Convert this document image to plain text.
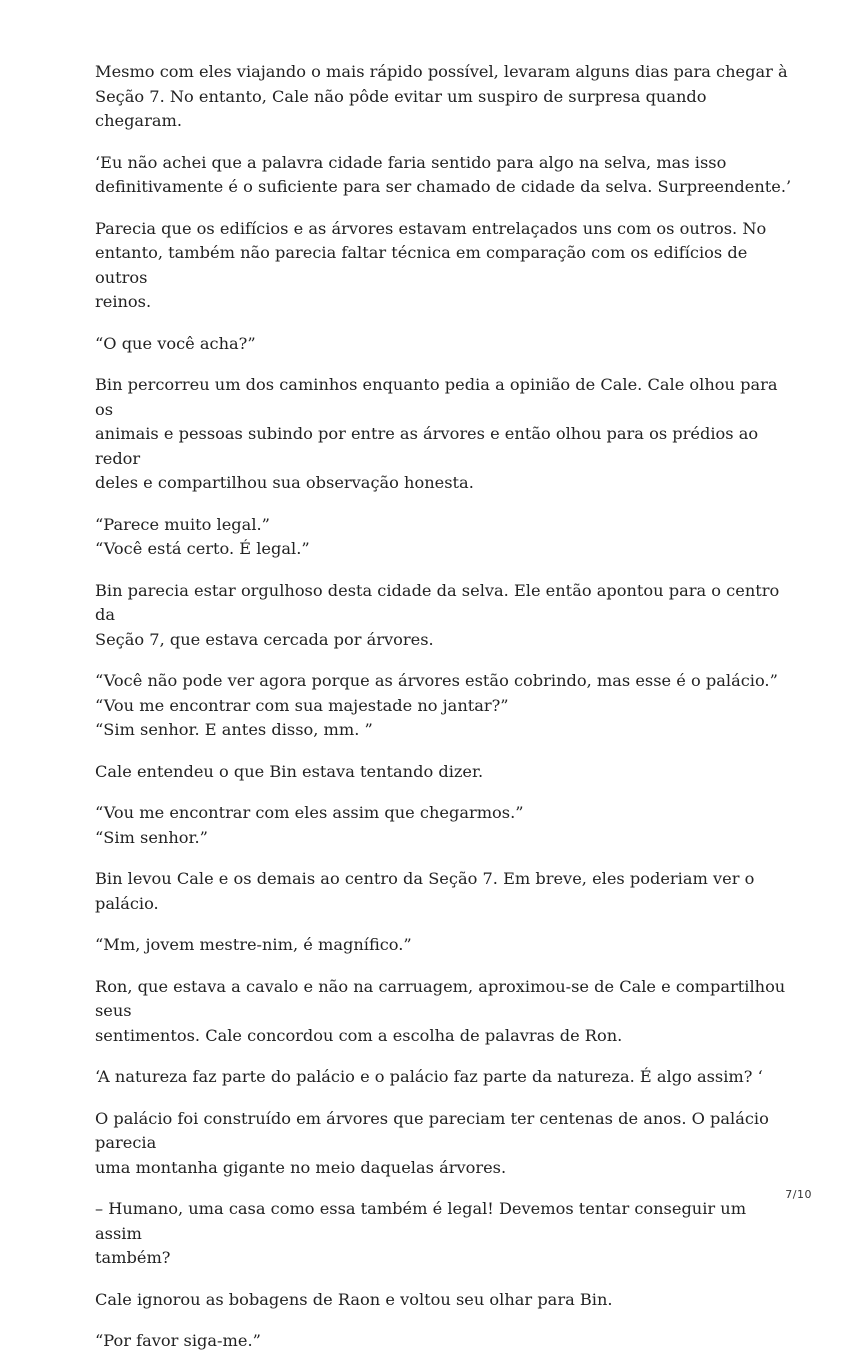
Mesmo com eles viajando o mais rápido possível, levaram alguns dias para chegar à
Seção 7. No entanto, Cale não pôde evitar um suspiro de surpresa quando chegaram.

‘Eu não achei que a palavra cidade faria sentido para algo na selva, mas isso
definitivamente é o suficiente para ser chamado de cidade da selva. Surpreendente.’

Parecia que os edifícios e as árvores estavam entrelaçados uns com os outros. No
entanto, também não parecia faltar técnica em comparação com os edifícios de outros
reinos.

“O que você acha?”

Bin percorreu um dos caminhos enquanto pedia a opinião de Cale. Cale olhou para os
animais e pessoas subindo por entre as árvores e então olhou para os prédios ao redor
deles e compartilhou sua observação honesta.

“Parece muito legal.”
“Você está certo. É legal.”

Bin parecia estar orgulhoso desta cidade da selva. Ele então apontou para o centro da
Seção 7, que estava cercada por árvores.

“Você não pode ver agora porque as árvores estão cobrindo, mas esse é o palácio.”
“Vou me encontrar com sua majestade no jantar?”
“Sim senhor. E antes disso, mm. ”

Cale entendeu o que Bin estava tentando dizer.

“Vou me encontrar com eles assim que chegarmos.”
“Sim senhor.”

Bin levou Cale e os demais ao centro da Seção 7. Em breve, eles poderiam ver o palácio.

“Mm, jovem mestre-nim, é magnífico.”

Ron, que estava a cavalo e não na carruagem, aproximou-se de Cale e compartilhou seus
sentimentos. Cale concordou com a escolha de palavras de Ron.

‘A natureza faz parte do palácio e o palácio faz parte da natureza. É algo assim? ‘

O palácio foi construído em árvores que pareciam ter centenas de anos. O palácio parecia
uma montanha gigante no meio daquelas árvores.

– Humano, uma casa como essa também é legal! Devemos tentar conseguir um assim
também?

Cale ignorou as bobagens de Raon e voltou seu olhar para Bin.

“Por favor siga-me.”

7/10
